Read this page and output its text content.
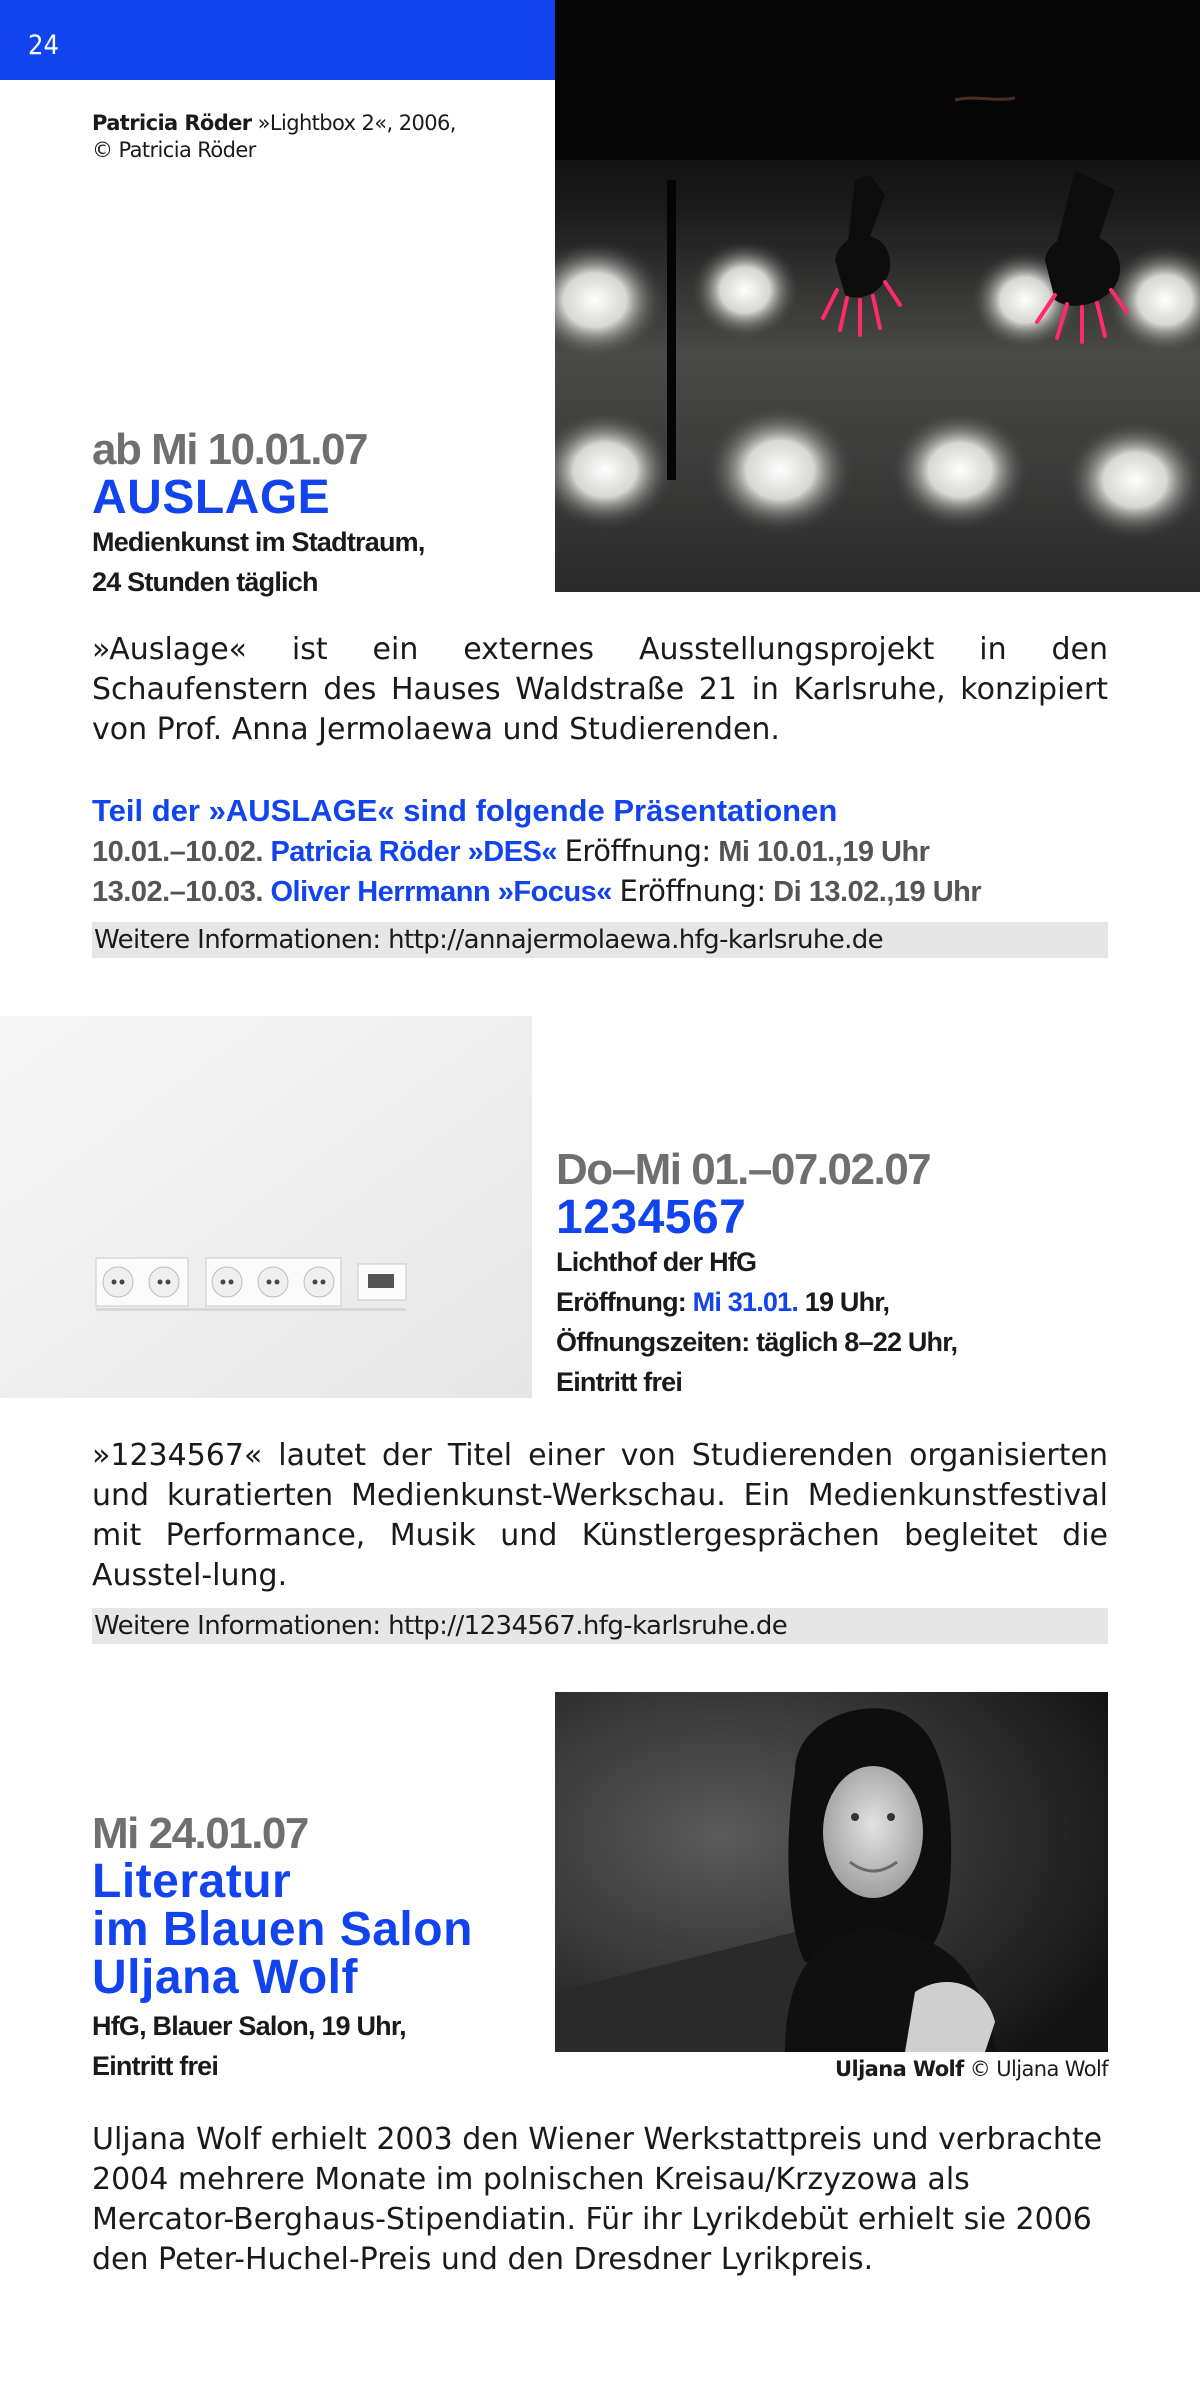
24
Patricia Röder »Lightbox 2«, 2006,
© Patricia Röder
ab Mi 10.01.07
AUSLAGE
Medienkunst im Stadtraum,
24 Stunden täglich
»Auslage« ist ein externes Ausstellungsprojekt in den Schaufenstern des Hauses Waldstraße 21 in Karlsruhe, konzipiert von Prof. Anna Jermolaewa und Studierenden.
Teil der »AUSLAGE« sind folgende Präsentationen
10.01.–10.02. Patricia Röder »DES« Eröffnung: Mi 10.01.,19 Uhr
13.02.–10.03. Oliver Herrmann »Focus« Eröffnung: Di 13.02.,19 Uhr
Weitere Informationen: http://annajermolaewa.hfg-karlsruhe.de
Do–Mi 01.–07.02.07
1234567
Lichthof der HfG
Eröffnung: Mi 31.01. 19 Uhr,
Öffnungszeiten: täglich 8–22 Uhr,
Eintritt frei
»1234567« lautet der Titel einer von Studierenden organisierten und kuratierten Medienkunst-Werkschau. Ein Medienkunstfestival mit Performance, Musik und Künstlergesprächen begleitet die Ausstel-lung.
Weitere Informationen: http://1234567.hfg-karlsruhe.de
Mi 24.01.07
Literatur
im Blauen Salon
Uljana Wolf
HfG, Blauer Salon, 19 Uhr,
Eintritt frei	Uljana Wolf © Uljana Wolf
Uljana Wolf erhielt 2003 den Wiener Werkstattpreis und verbrachte 2004 mehrere Monate im polnischen Kreisau/Krzyzowa als Mercator-Berghaus-Stipendiatin. Für ihr Lyrikdebüt erhielt sie 2006 den Peter-Huchel-Preis und den Dresdner Lyrikpreis.
